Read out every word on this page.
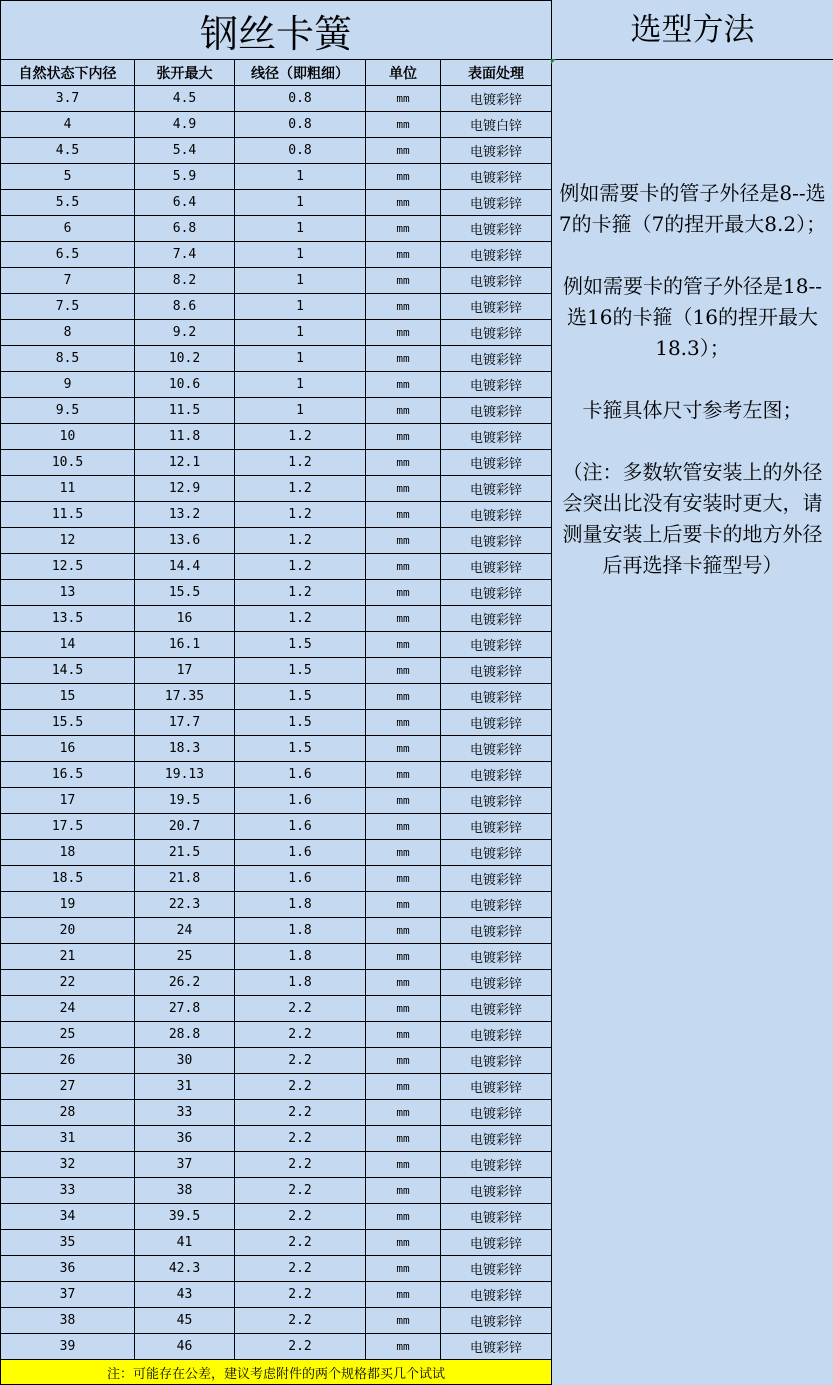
钢丝卡簧				
自然状态下内径	张开最大	线径（即粗细）	单位	表面处理
3.7	4.5	0.8	mm	电镀彩锌
4	4.9	0.8	mm	电镀白锌
4.5	5.4	0.8	mm	电镀彩锌
5	5.9	1	mm	电镀彩锌
5.5	6.4	1	mm	电镀彩锌
6	6.8	1	mm	电镀彩锌
6.5	7.4	1	mm	电镀彩锌
7	8.2	1	mm	电镀彩锌
7.5	8.6	1	mm	电镀彩锌
8	9.2	1	mm	电镀彩锌
8.5	10.2	1	mm	电镀彩锌
9	10.6	1	mm	电镀彩锌
9.5	11.5	1	mm	电镀彩锌
10	11.8	1.2	mm	电镀彩锌
10.5	12.1	1.2	mm	电镀彩锌
11	12.9	1.2	mm	电镀彩锌
11.5	13.2	1.2	mm	电镀彩锌
12	13.6	1.2	mm	电镀彩锌
12.5	14.4	1.2	mm	电镀彩锌
13	15.5	1.2	mm	电镀彩锌
13.5	16	1.2	mm	电镀彩锌
14	16.1	1.5	mm	电镀彩锌
14.5	17	1.5	mm	电镀彩锌
15	17.35	1.5	mm	电镀彩锌
15.5	17.7	1.5	mm	电镀彩锌
16	18.3	1.5	mm	电镀彩锌
16.5	19.13	1.6	mm	电镀彩锌
17	19.5	1.6	mm	电镀彩锌
17.5	20.7	1.6	mm	电镀彩锌
18	21.5	1.6	mm	电镀彩锌
18.5	21.8	1.6	mm	电镀彩锌
19	22.3	1.8	mm	电镀彩锌
20	24	1.8	mm	电镀彩锌
21	25	1.8	mm	电镀彩锌
22	26.2	1.8	mm	电镀彩锌
24	27.8	2.2	mm	电镀彩锌
25	28.8	2.2	mm	电镀彩锌
26	30	2.2	mm	电镀彩锌
27	31	2.2	mm	电镀彩锌
28	33	2.2	mm	电镀彩锌
31	36	2.2	mm	电镀彩锌
32	37	2.2	mm	电镀彩锌
33	38	2.2	mm	电镀彩锌
34	39.5	2.2	mm	电镀彩锌
35	41	2.2	mm	电镀彩锌
36	42.3	2.2	mm	电镀彩锌
37	43	2.2	mm	电镀彩锌
38	45	2.2	mm	电镀彩锌
39	46	2.2	mm	电镀彩锌
注：可能存在公差，建议考虑附件的两个规格都买几个试试				
选型方法

例如需要卡的管子外径是8--选7的卡箍（7的捏开最大8.2）；

例如需要卡的管子外径是18--选16的卡箍（16的捏开最大18.3）；

卡箍具体尺寸参考左图；

（注：多数软管安装上的外径会突出比没有安装时更大，请测量安装上后要卡的地方外径后再选择卡箍型号）
